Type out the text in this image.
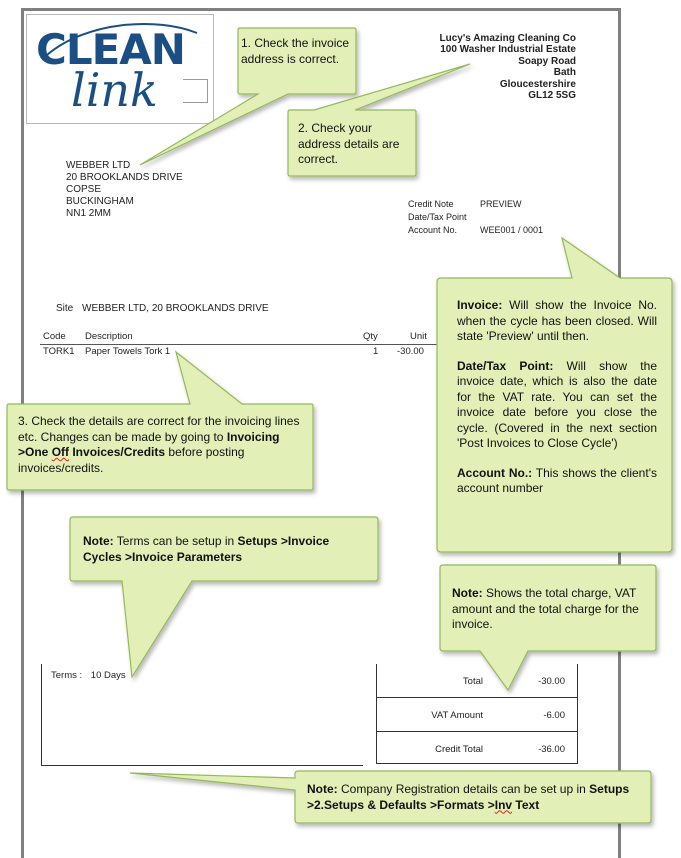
CLEAN
link
Lucy's Amazing Cleaning Co
100 Washer Industrial Estate
Soapy Road
Bath
Gloucestershire
GL12 5SG
WEBBER LTD
20 BROOKLANDS DRIVE
COPSE
BUCKINGHAM
NN1 2MM
Credit Note	PREVIEW
Date/Tax Point
Account No.	WEE001 / 0001
Site WEBBER LTD, 20 BROOKLANDS DRIVE
Code Description	Qty	Unit
TORK1 Paper Towels Tork 1	1 -30.00
Terms : 10 Days
Total	-30.00
VAT Amount	-6.00
Credit Total	-36.00

1. Check the invoice address is correct.

2. Check your address details are correct.

3. Check the details are correct for the invoicing lines etc. Changes can be made by going to Invoicing >One Off Invoices/Credits before posting invoices/credits.

Invoice: Will show the Invoice No. when the cycle has been closed. Will state 'Preview' until then.

Date/Tax Point: Will show the invoice date, which is also the date for the VAT rate. You can set the invoice date before you close the cycle. (Covered in the next section 'Post Invoices to Close Cycle')

Account No.: This shows the client's account number

Note: Terms can be setup in Setups >Invoice Cycles >Invoice Parameters

Note: Shows the total charge, VAT amount and the total charge for the invoice.

Note: Company Registration details can be set up in Setups >2.Setups & Defaults >Formats >Inv Text
